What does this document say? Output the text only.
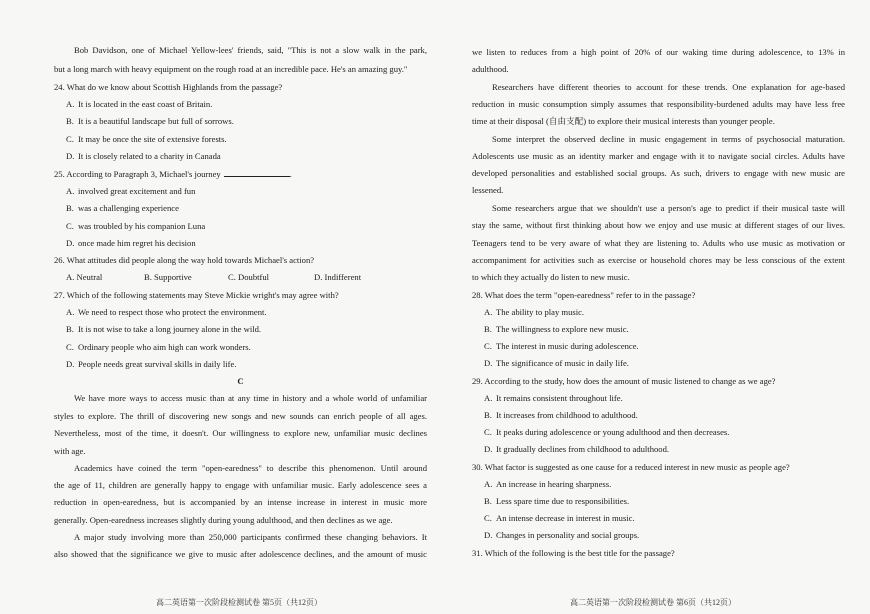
Bob Davidson, one of Michael Yellow-lees' friends, said, "This is not a slow walk in the park,
but a long march with heavy equipment on the rough road at an incredible pace. He's an amazing guy."
24. What do we know about Scottish Highlands from the passage?
A. It is located in the east coast of Britain.
B. It is a beautiful landscape but full of sorrows.
C. It may be once the site of extensive forests.
D. It is closely related to a charity in Canada
25. According to Paragraph 3, Michael's journey	.
A. involved great excitement and fun
B. was a challenging experience
C. was troubled by his companion Luna
D. once made him regret his decision
26. What attitudes did people along the way hold towards Michael's action?
A. Neutral	B. Supportive	C. Doubtful	D. Indifferent
27. Which of the following statements may Steve Mickie wright's may agree with?
A. We need to respect those who protect the environment.
B. It is not wise to take a long journey alone in the wild.
C. Ordinary people who aim high can work wonders.
D. People needs great survival skills in daily life.
C
We have more ways to access music than at any time in history and a whole world of unfamiliar
styles to explore. The thrill of discovering new songs and new sounds can enrich people of all ages.
Nevertheless, most of the time, it doesn't. Our willingness to explore new, unfamiliar music declines
with age.
Academics have coined the term "open-earedness" to describe this phenomenon. Until around
the age of 11, children are generally happy to engage with unfamiliar music. Early adolescence sees a
reduction in open-earedness, but is accompanied by an intense increase in interest in music more
generally. Open-earedness increases slightly during young adulthood, and then declines as we age.
A major study involving more than 250,000 participants confirmed these changing behaviors. It
also showed that the significance we give to music after adolescence declines, and the amount of music
高二英语第一次阶段检测试卷 第5页（共12页）
we listen to reduces from a high point of 20% of our waking time during adolescence, to 13% in
adulthood.
Researchers have different theories to account for these trends. One explanation for age-based
reduction in music consumption simply assumes that responsibility-burdened adults may have less free
time at their disposal (自由支配) to explore their musical interests than younger people.
Some interpret the observed decline in music engagement in terms of psychosocial maturation.
Adolescents use music as an identity marker and engage with it to navigate social circles. Adults have
developed personalities and established social groups. As such, drivers to engage with new music are
lessened.
Some researchers argue that we shouldn't use a person's age to predict if their musical taste will
stay the same, without first thinking about how we enjoy and use music at different stages of our lives.
Teenagers tend to be very aware of what they are listening to. Adults who use music as motivation or
accompaniment for activities such as exercise or household chores may be less conscious of the extent
to which they actually do listen to new music.
28. What does the term "open-earedness" refer to in the passage?
A. The ability to play music.
B. The willingness to explore new music.
C. The interest in music during adolescence.
D. The significance of music in daily life.
29. According to the study, how does the amount of music listened to change as we age?
A. It remains consistent throughout life.
B. It increases from childhood to adulthood.
C. It peaks during adolescence or young adulthood and then decreases.
D. It gradually declines from childhood to adulthood.
30. What factor is suggested as one cause for a reduced interest in new music as people age?
A. An increase in hearing sharpness.
B. Less spare time due to responsibilities.
C. An intense decrease in interest in music.
D. Changes in personality and social groups.
31. Which of the following is the best title for the passage?
高二英语第一次阶段检测试卷 第6页（共12页）
